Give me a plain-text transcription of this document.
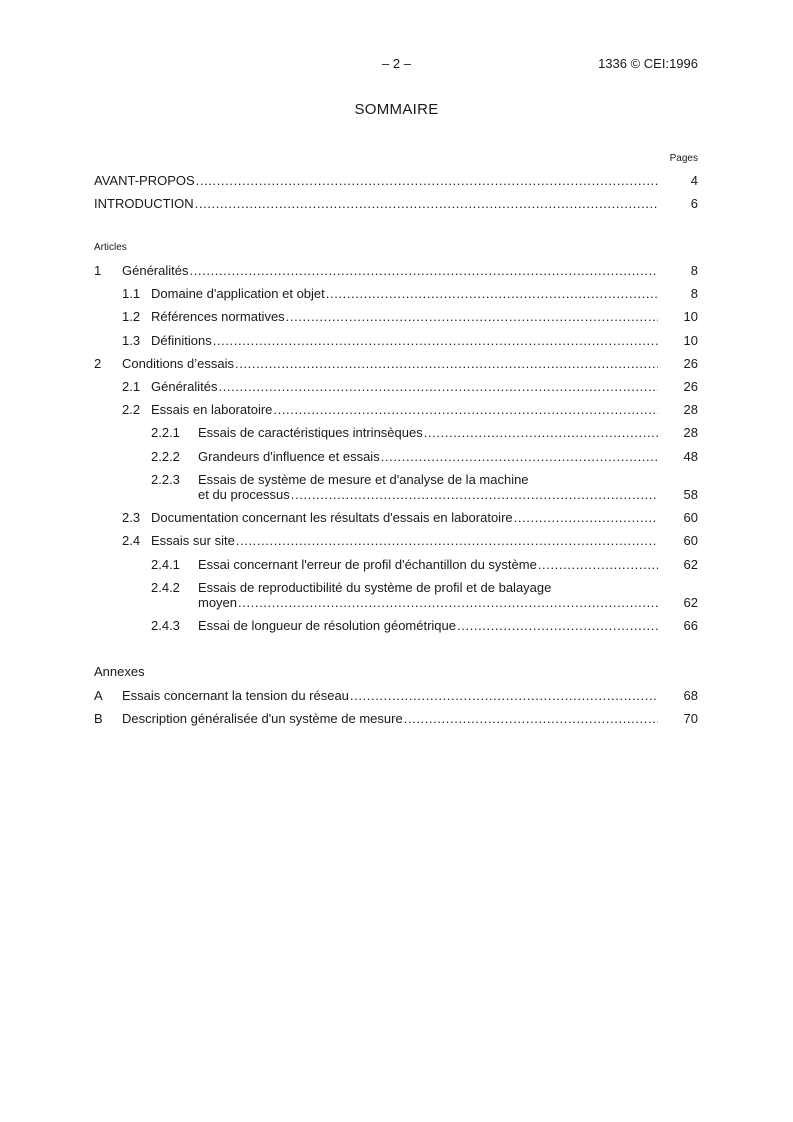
– 2 –	1336 © CEI:1996
SOMMAIRE
Pages
AVANT-PROPOS .....	4
INTRODUCTION .....	6
Articles
1 Généralités .....	8
1.1 Domaine d'application et objet .....	8
1.2 Références normatives .....	10
1.3 Définitions .....	10
2 Conditions d’essais .....	26
2.1 Généralités .....	26
2.2 Essais en laboratoire .....	28
2.2.1 Essais de caractéristiques intrinsèques .....	28
2.2.2 Grandeurs d'influence et essais .....	48
2.2.3 Essais de système de mesure et d'analyse de la machine
et du processus .....	58
2.3 Documentation concernant les résultats d'essais en laboratoire .....	60
2.4 Essais sur site .....	60
2.4.1 Essai concernant l'erreur de profil d'échantillon du système .....	62
2.4.2 Essais de reproductibilité du système de profil et de balayage
moyen .....	62
2.4.3 Essai de longueur de résolution géométrique .....	66
Annexes
A Essais concernant la tension du réseau .....	68
B Description généralisée d'un système de mesure .....	70
